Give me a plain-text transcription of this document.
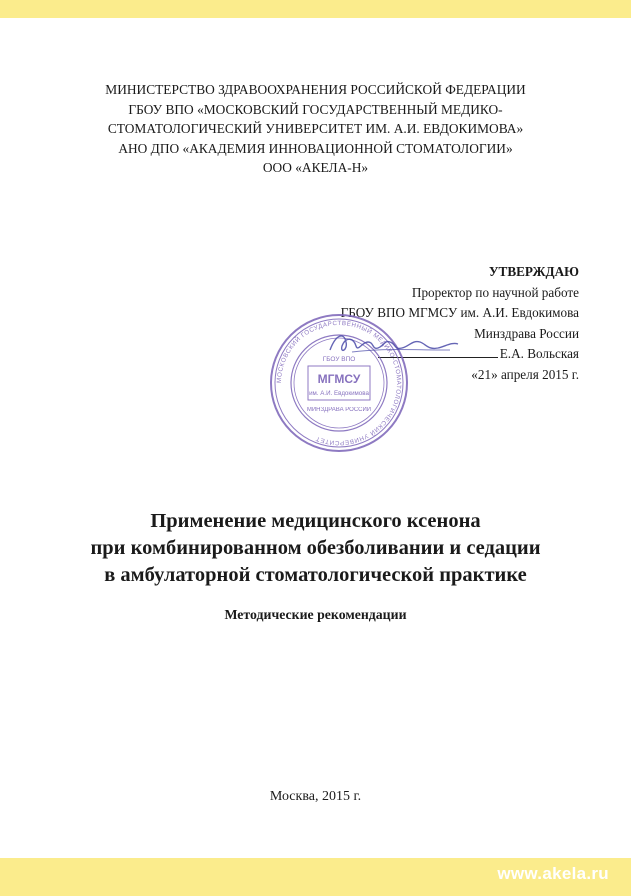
МИНИСТЕРСТВО ЗДРАВООХРАНЕНИЯ РОССИЙСКОЙ ФЕДЕРАЦИИ
ГБОУ ВПО «МОСКОВСКИЙ ГОСУДАРСТВЕННЫЙ МЕДИКО-
СТОМАТОЛОГИЧЕСКИЙ УНИВЕРСИТЕТ ИМ. А.И. ЕВДОКИМОВА»
АНО ДПО «АКАДЕМИЯ ИННОВАЦИОННОЙ СТОМАТОЛОГИИ»
ООО «АКЕЛА-Н»
УТВЕРЖДАЮ
Проректор по научной работе
ГБОУ ВПО МГМСУ им. А.И. Евдокимова
Минздрава России
Е.А. Вольская
«21» апреля 2015 г.
МОСКОВСКИЙ ГОСУДАРСТВЕННЫЙ МЕДИКО-СТОМАТОЛОГИЧЕСКИЙ УНИВЕРСИТЕТ
ГБОУ ВПО
МГМСУ
им. А.И. Евдокимова
МИНЗДРАВА РОССИИ
Применение медицинского ксенона
при комбинированном обезболивании и седации
в амбулаторной стоматологической практике
Методические рекомендации
Москва, 2015 г.
www.akela.ru
